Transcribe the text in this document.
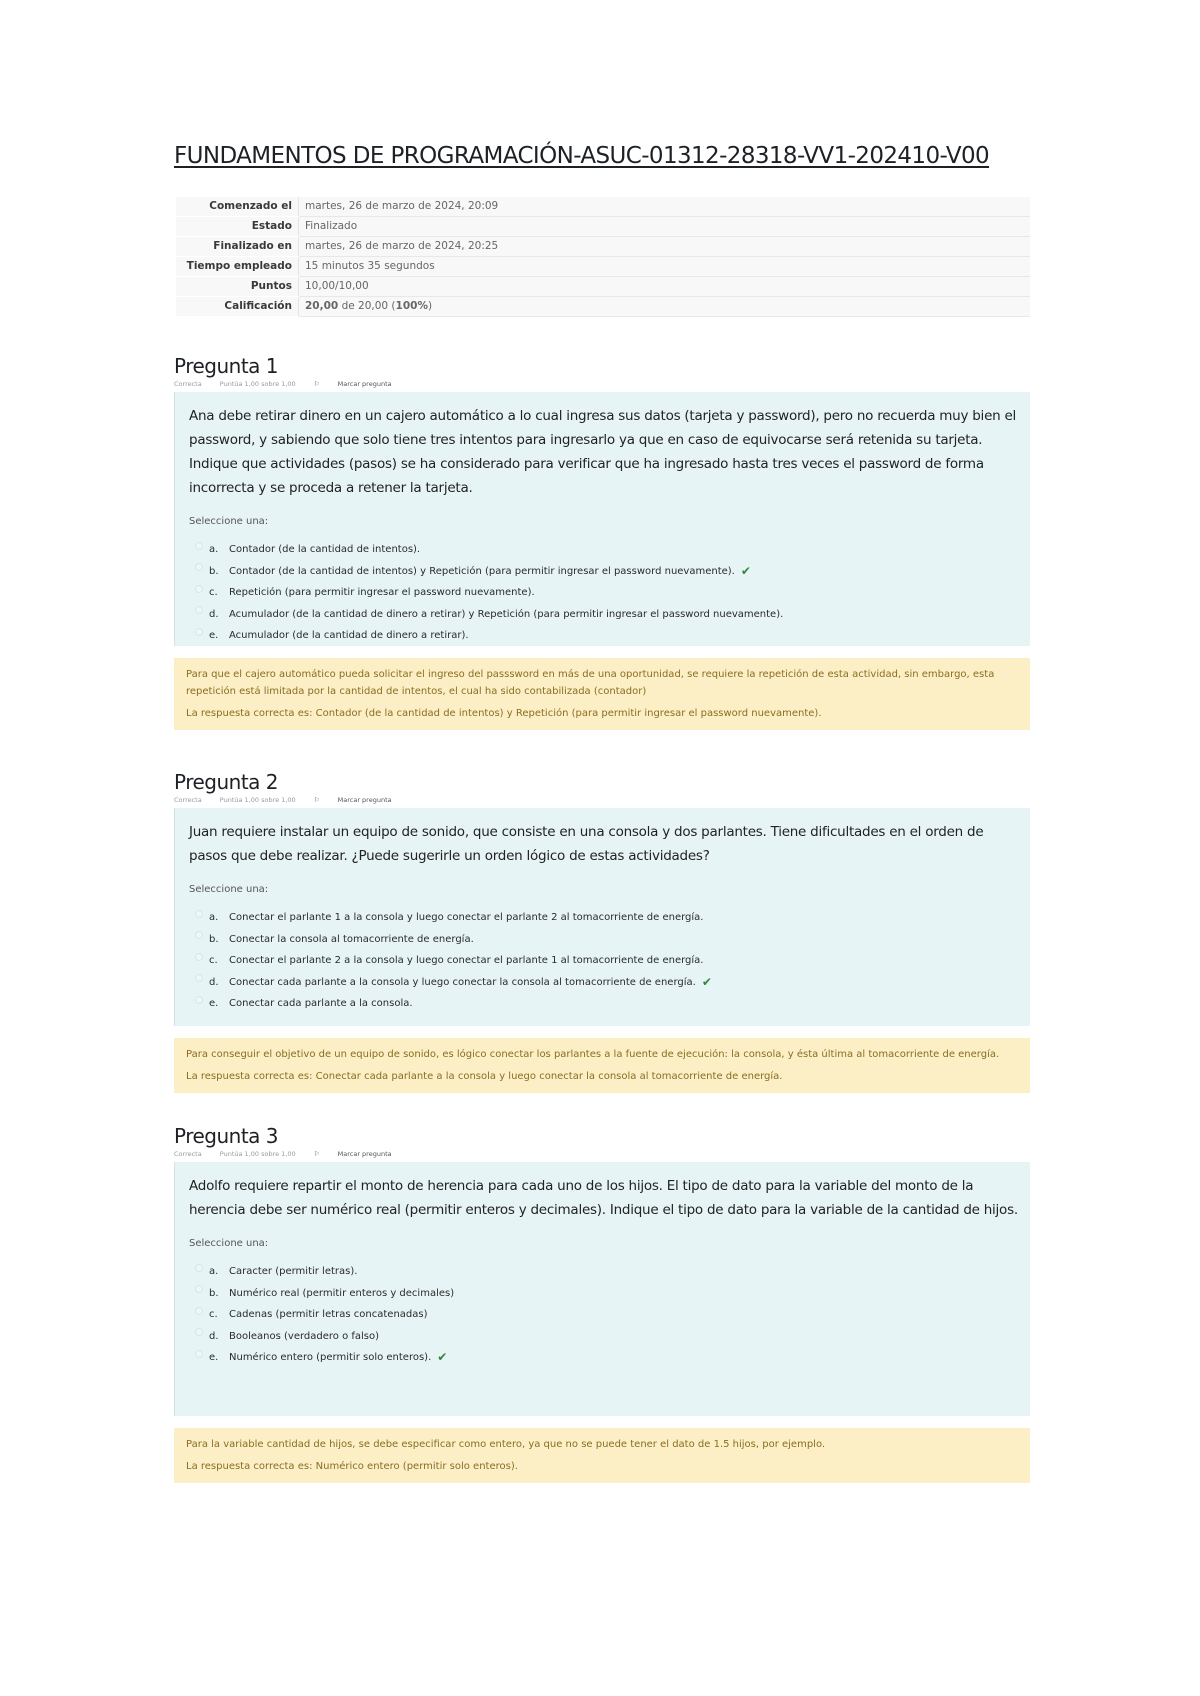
FUNDAMENTOS DE PROGRAMACIÓN-ASUC-01312-28318-VV1-202410-V00
Comenzado el	martes, 26 de marzo de 2024, 20:09
Estado	Finalizado
Finalizado en	martes, 26 de marzo de 2024, 20:25
Tiempo empleado	15 minutos 35 segundos
Puntos	10,00/10,00
Calificación	20,00 de 20,00 (100%)
Pregunta 1
Correcta	Puntúa 1,00 sobre 1,00	⚐ Marcar pregunta
Ana debe retirar dinero en un cajero automático a lo cual ingresa sus datos (tarjeta y password), pero no recuerda muy bien el password, y sabiendo que solo tiene tres intentos para ingresarlo ya que en caso de equivocarse será retenida su tarjeta. Indique que actividades (pasos) se ha considerado para verificar que ha ingresado hasta tres veces el password de forma incorrecta y se proceda a retener la tarjeta.
Seleccione una:
a.	Contador (de la cantidad de intentos).
b.	Contador (de la cantidad de intentos) y Repetición (para permitir ingresar el password nuevamente). ✔
c.	Repetición (para permitir ingresar el password nuevamente).
d.	Acumulador (de la cantidad de dinero a retirar) y Repetición (para permitir ingresar el password nuevamente).
e.	Acumulador (de la cantidad de dinero a retirar).

Para que el cajero automático pueda solicitar el ingreso del passsword en más de una oportunidad, se requiere la repetición de esta actividad, sin embargo, esta repetición está limitada por la cantidad de intentos, el cual ha sido contabilizada (contador)

La respuesta correcta es: Contador (de la cantidad de intentos) y Repetición (para permitir ingresar el password nuevamente).

Pregunta 2
Correcta	Puntúa 1,00 sobre 1,00	⚐ Marcar pregunta
Juan requiere instalar un equipo de sonido, que consiste en una consola y dos parlantes. Tiene dificultades en el orden de pasos que debe realizar. ¿Puede sugerirle un orden lógico de estas actividades?
Seleccione una:
a.	Conectar el parlante 1 a la consola y luego conectar el parlante 2 al tomacorriente de energía.
b.	Conectar la consola al tomacorriente de energía.
c.	Conectar el parlante 2 a la consola y luego conectar el parlante 1 al tomacorriente de energía.
d.	Conectar cada parlante a la consola y luego conectar la consola al tomacorriente de energía. ✔
e.	Conectar cada parlante a la consola.

Para conseguir el objetivo de un equipo de sonido, es lógico conectar los parlantes a la fuente de ejecución: la consola, y ésta última al tomacorriente de energía.

La respuesta correcta es: Conectar cada parlante a la consola y luego conectar la consola al tomacorriente de energía.

Pregunta 3
Correcta	Puntúa 1,00 sobre 1,00	⚐ Marcar pregunta
Adolfo requiere repartir el monto de herencia para cada uno de los hijos. El tipo de dato para la variable del monto de la herencia debe ser numérico real (permitir enteros y decimales). Indique el tipo de dato para la variable de la cantidad de hijos.
Seleccione una:
a.	Caracter (permitir letras).
b.	Numérico real (permitir enteros y decimales)
c.	Cadenas (permitir letras concatenadas)
d.	Booleanos (verdadero o falso)
e.	Numérico entero (permitir solo enteros). ✔

Para la variable cantidad de hijos, se debe especificar como entero, ya que no se puede tener el dato de 1.5 hijos, por ejemplo.

La respuesta correcta es: Numérico entero (permitir solo enteros).
